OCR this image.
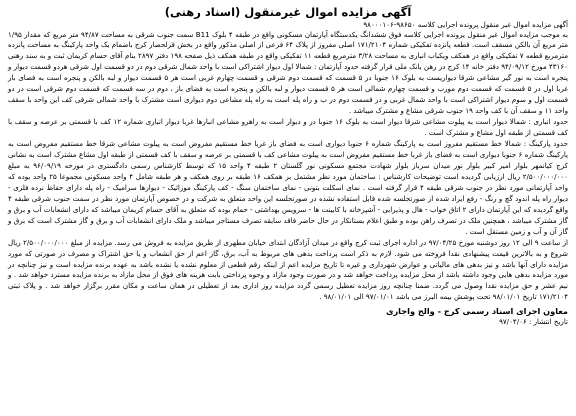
آگهی مزایده اموال غیرمنقول (اسناد رهنی)
آگهی مزایده اموال غیر منقول پرونده اجرایی کلاسه ۹۸۶۵۰-۹۸۰۰۰۱۰۶

به موجب مزایده اموال غیر منقول پرونده اجرایی کلاسه فوق ششدانگ یکدستگاه آپارتمان مسکونی واقع در طبقه ۴ بلوک B11 سمت جنوب شرقی به مساحت ۹۴/۸۷ متر مربع که مقدار ۱/۹۵ متر مربع آن بالکن مسقف است. قطعه پانزده تفکیکی شماره ۱۷۱/۲۱۰۴ اصلی مفروز از پلاک ۶۴ فرعی از اصلی مذکور واقع در بخش قزلحصار کرج باضمام یک واحد پارکینگ به مساحت پانزده مترمربع قطعه ۷ تفکیکی واقع در همکف ویکباب انباری به مساحت ۳/۲۸ مترمربع قطعه ۱۱ تفکیکی واقع در طبقه همکف ذیل صفحه ۱۹۸ دفتر ۲۸۹۷ بنام آقای حسام کریمان ثبت و به سند رهنی ۴۳۱۶۰ مورخ ۹۴/۰۹/۱۲ دفتر خانه ۱۴ کرج در رهن بانک ملی قرار گرفته حدود آپارتمان : شمالا اول دیوار اشتراکی است با واحد شمال شرقی دوم در دو قسمت اول شرقی هردو قسمت دیوار و پنجره است به نور گیر مشاعی شرقا دیواریست به بلوک ۱۶ جنوبا در ۵ قسمت که قسمت دوم شرقی و قسمت چهارم غربی است هر ۵ قسمت دیوار و لبه بالکن و پنجره است به فضای باز غربا اول در ۵ قسمت که قسمت دوم مورب و قسمت چهارم شمالی است هر ۵ قسمت دیوار و لبه بالکن و پنجره است به فضای باز ، دوم در سه قسمت که قسمت دوم شرقی است در دو قسمت اول و سوم دیوار اشتراکی است با واحد شمال غربی و در قسمت دوم در ب و راه پله است به راه پله مشاعی دوم دیواری است مشترک با واحد شمالی شرقی کف این واحد با سقف واحد ۱۱ و سقف آن با کف واحد ۱۹ جنوب شرقی مشاع و مشترک میباشد .

حدود انباری : شمالا دیوار است به پیلوت مشاعی شرقا دیوار است به بلوک ۱۶ جنوبا در و دیوار است به راهرو مشاعی انبارها غربا دیوار انباری شماره ۱۲ کف با قسمتی بر عرصه و سقف با کف قسمتی از طبقه اول مشاع و مشترک است .

حدود پارکینگ : شمالا خط مستقیم مفروز است به پارکینگ شماره ۶ جنوبا دیواری است به فضای باز غربا خط مستقیم مفروض است به پیلوت مشاعی شرقا خط مستقیم مفروض است به پارکینگ شماره ۶ جنوبا دیواری است به فضای باز غربا خط مستقیم مفروض است به پیلوت مشاعی کف با قسمتی بر عرصه و سقف با کف قسمتی از طبقه اول مشاع مشترک است به نشانی کرج کیانمهر بلوار امیر کبیر بلوار نور میدان سرباز بلوار شهادت مجتمع مسکونی نور گلستان ۲ طبقه ۴ واحد ۱۵ که توسط کارشناس رسمی دادگستری در مورخه ۹۶/۰۹/۱۹ به مبلغ ۲/۵۰۰/۰۰۰/۰۰۰ ریال ارزیابی گردیده است توضیحات کارشناس : ساختمان مورد نظر مشتمل بر همکف ۱۶ طبقه بر روی همکف و هر طبقه شامل ۴ واحد مسکونی مجموعا ۲۵ واحد بوده که واحد آپارتمانی مورد نظر در جنوب شرقی طبقه ۴ قرار گرفته است . نمای اسکلت بتونی - نمای ساختمان سنگ - کف پارکینگ موزائیک - دیوارها سرامیک - راه پله دارای حفاظ نرده فلزی - دیوار راه پله اندود گچ و رنگ - رفع ایراد شده از صورتجلسه شده قابل استفاده نشده در صورتجلسه این واحد متعلق به شرکت و در خصوص آپارتمان مورد نظر در سمت جنوب شرقی طبقه ۴ واقع گردیده که این آپارتمان دارای ۲ اتاق خواب - هال و پذیرایی - آشپزخانه با کابینت ها - سرویس بهداشتی - حمام بوده که متعلق به آقای حسام کریمان میباشد که دارای انشعابات آب و برق و گاز مشترک میباشد ، همچنین ملک در تصرف راهن بوده و طبق اعلام بستانکار در حال حاضر فاقد سابقه تصرف مستاجر میباشد و ملک دارای انشعابات آب و برق و گاز مشترک است که برق و گاز آن و آب و زمین مستقل است .

از ساعت ۹ الی ۱۲ روز دوشنبه مورخ ۹۷/۰۴/۲۵ در اداره اجرای ثبت کرج واقع در میدان آزادگان ابتدای خیابان مطهری از طریق مزایده به فروش می رسد. مزایده از مبلغ ۲/۵۰۰/۰۰۰/۰۰۰ ریال شروع و به بالاترین قیمت پیشنهادی نقدا فروخته می شود. لازم به ذکر است پرداخت بدهی های مربوط به آب، برق، گاز اعم از حق انشعاب و یا حق اشتراک و مصرف در صورتی که مورد مزایده دارای آنها باشد و نیز بدهی های مالیاتی و عوارض شهرداری و غیره تا تاریخ مزایده اعم از اینکه رقم قطعی از معلوم نشده یا نشده باشد به عهده برنده مزایده است و نیز چنانچه در مورد مزایده بدهی هایی وجود داشته باشد از محل مزایده پرداخت خواهد شد و در صورت وجود مازاد و وجوه پرداختی بابت هزینه های فوق از محل مازاد به برنده مزایده مسترد خواهد شد . و نیم عشر و حق مزایده نقدا وصول می گردد. ضمنا چنانچه روز مزایده تعطیل رسمی گردد مزایده روز اداری بعد از تعطیلی در همان ساعت و مکان مقرر برگزار خواهد شد . و پلاک ثبتی ۱۷۱/۲۱۰۴ تاریخ ۹۸/۰۱/۰۱ تحت پوشش بیمه البرز می باشد ۹۷/۰۱/۰۱ الی ۹۸/۰۱/۰۱ .

معاون اجرای اسناد رسمی کرج - والح واجاری
تاریخ انتشار : ۹۷/۰۴/۰۶
